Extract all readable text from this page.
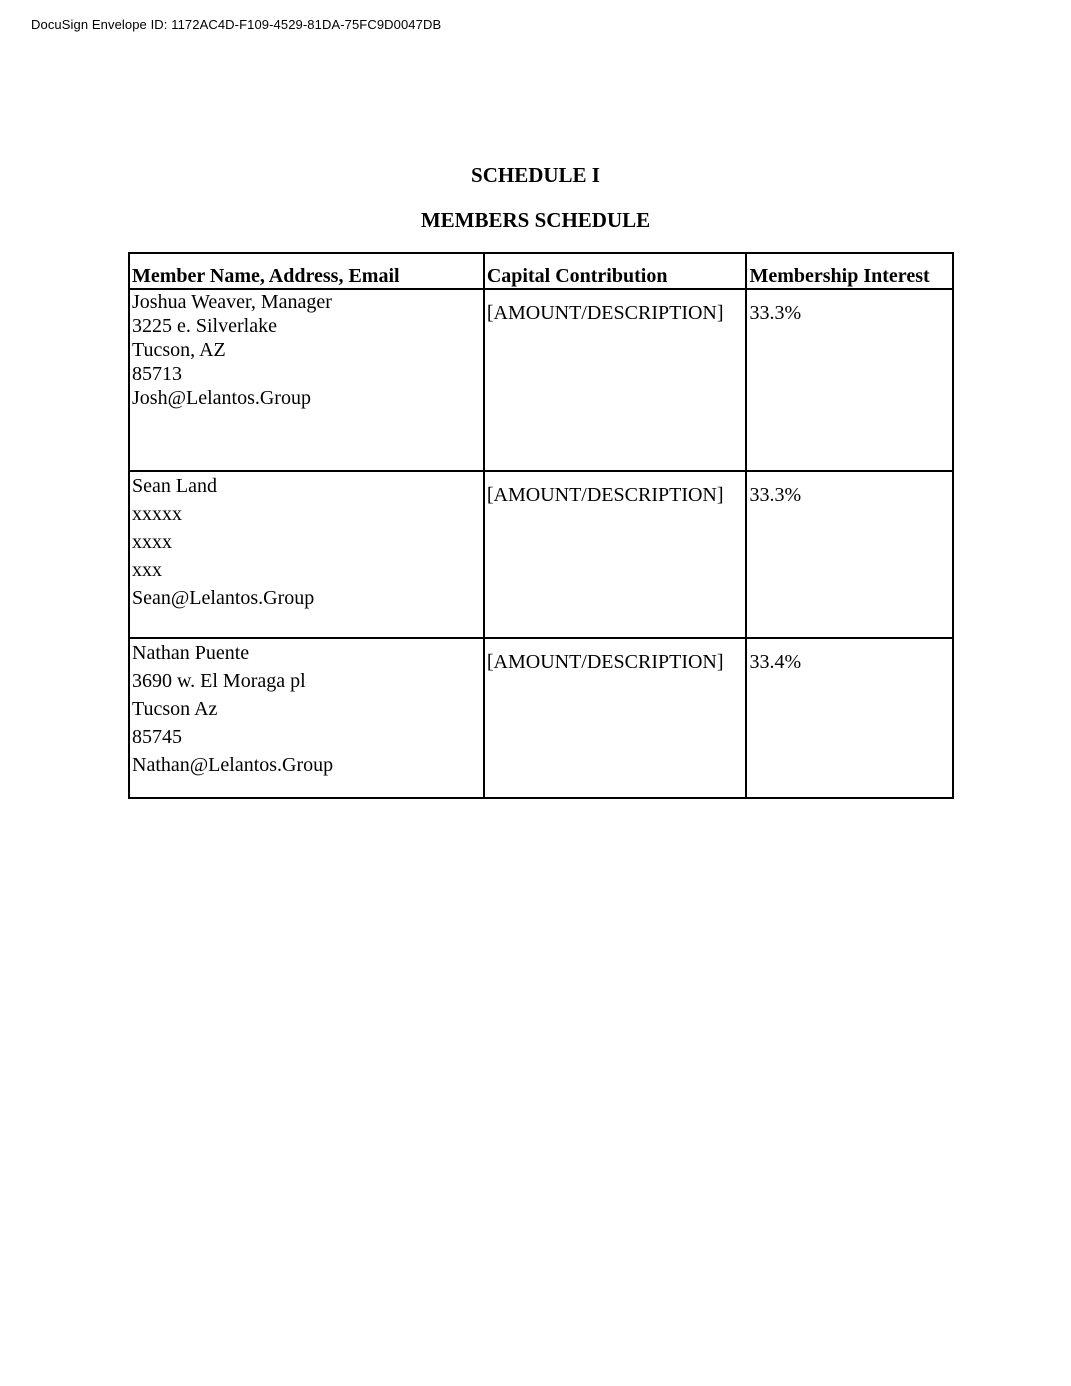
DocuSign Envelope ID: 1172AC4D-F109-4529-81DA-75FC9D0047DB
SCHEDULE I
MEMBERS SCHEDULE
Member Name, Address, Email	Capital Contribution	Membership Interest

Joshua Weaver, Manager
3225 e. Silverlake
Tucson, AZ
85713
Josh@Lelantos.Group	[AMOUNT/DESCRIPTION]	33.3%

Sean Land
xxxxx
xxxx
xxx
Sean@Lelantos.Group	[AMOUNT/DESCRIPTION]	33.3%

Nathan Puente
3690 w. El Moraga pl
Tucson Az
85745
Nathan@Lelantos.Group	[AMOUNT/DESCRIPTION]	33.4%
